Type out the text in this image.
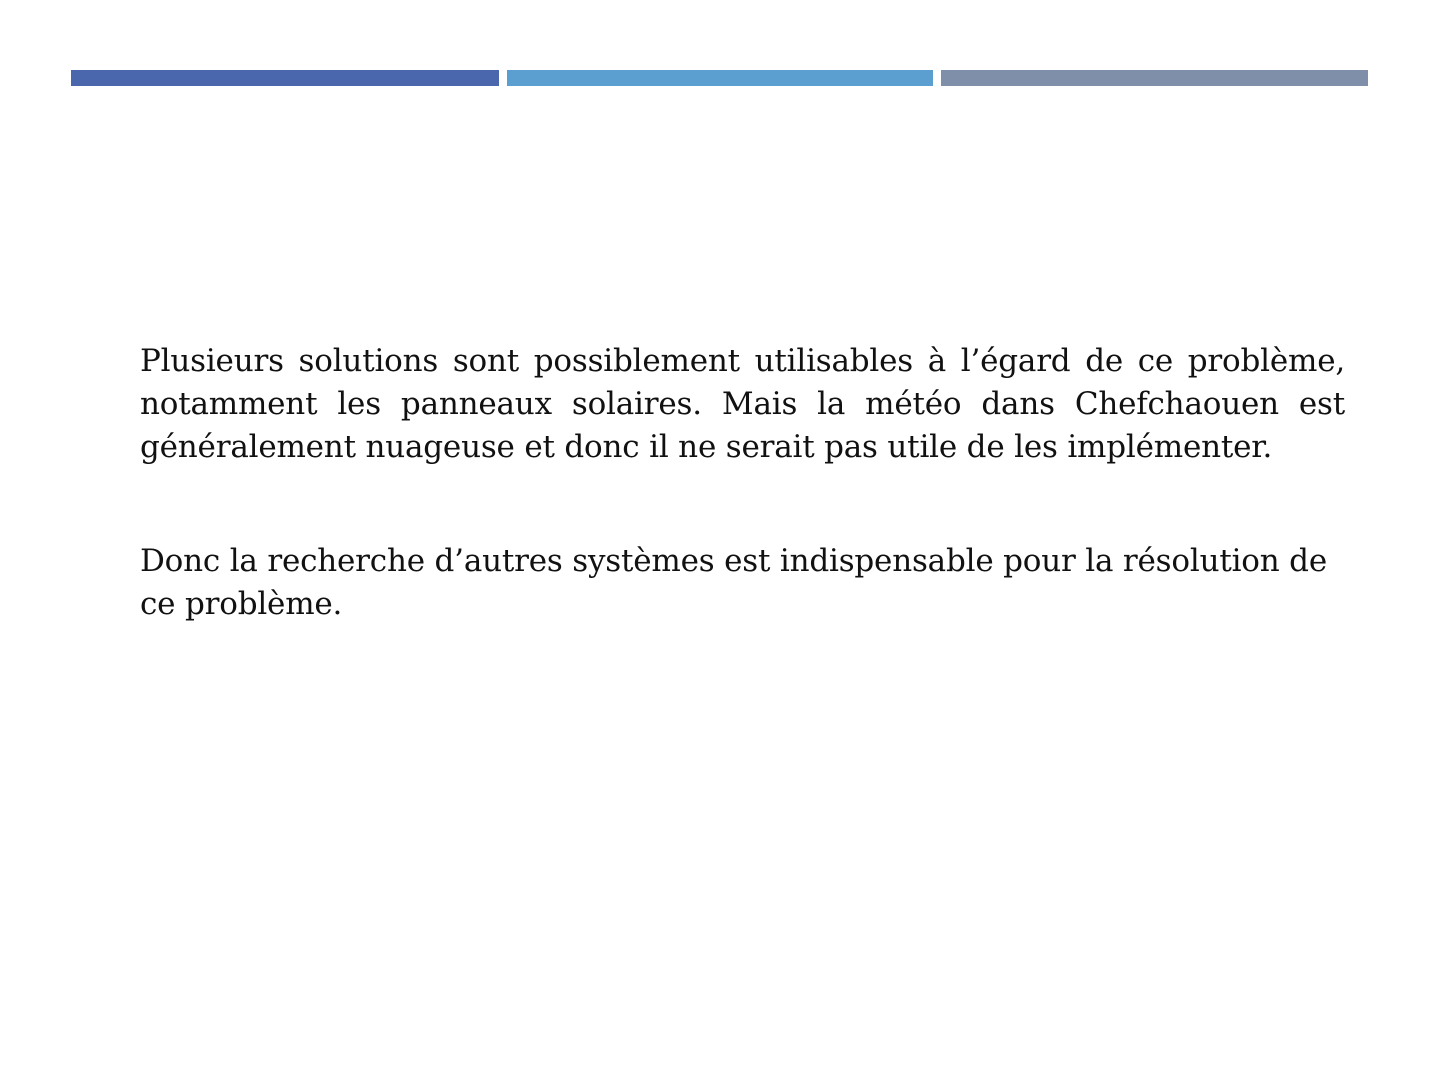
Plusieurs solutions sont possiblement utilisables à l’égard de ce problème, notamment les panneaux solaires. Mais la météo dans Chefchaouen est généralement nuageuse et donc il ne serait pas utile de les implémenter.

Donc la recherche d’autres systèmes est indispensable pour la résolution de ce problème.
